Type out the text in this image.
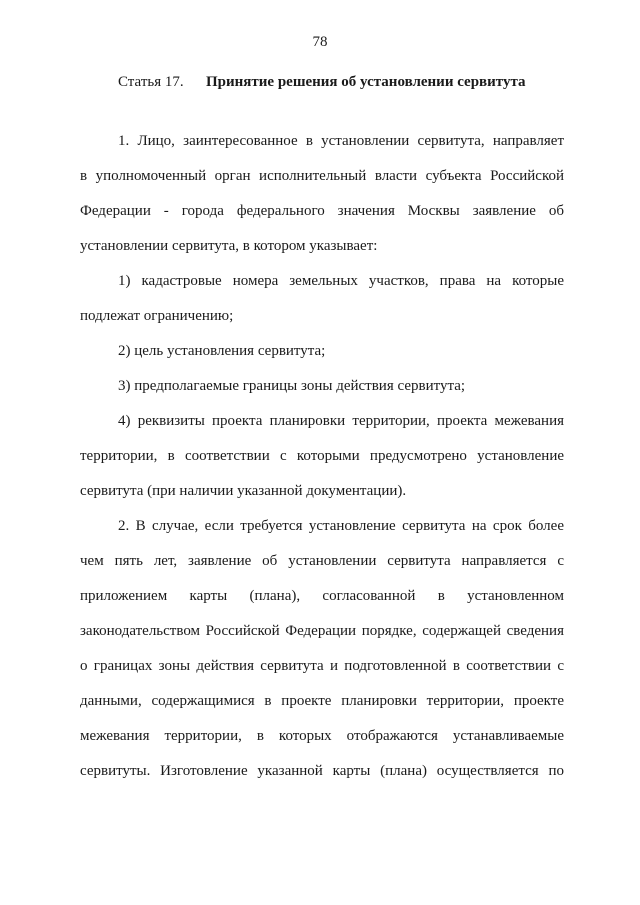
78
Статья 17. Принятие решения об установлении сервитута
1. Лицо, заинтересованное в установлении сервитута, направляет
в уполномоченный орган исполнительный власти субъекта Российской
Федерации - города федерального значения Москвы заявление об
установлении сервитута, в котором указывает:
1) кадастровые номера земельных участков, права на которые
подлежат ограничению;
2) цель установления сервитута;
3) предполагаемые границы зоны действия сервитута;
4) реквизиты проекта планировки территории, проекта межевания
территории, в соответствии с которыми предусмотрено установление
сервитута (при наличии указанной документации).
2. В случае, если требуется установление сервитута на срок более
чем пять лет, заявление об установлении сервитута направляется с
приложением карты (плана), согласованной в установленном
законодательством Российской Федерации порядке, содержащей сведения
о границах зоны действия сервитута и подготовленной в соответствии с
данными, содержащимися в проекте планировки территории, проекте
межевания территории, в которых отображаются устанавливаемые
сервитуты. Изготовление указанной карты (плана) осуществляется по
